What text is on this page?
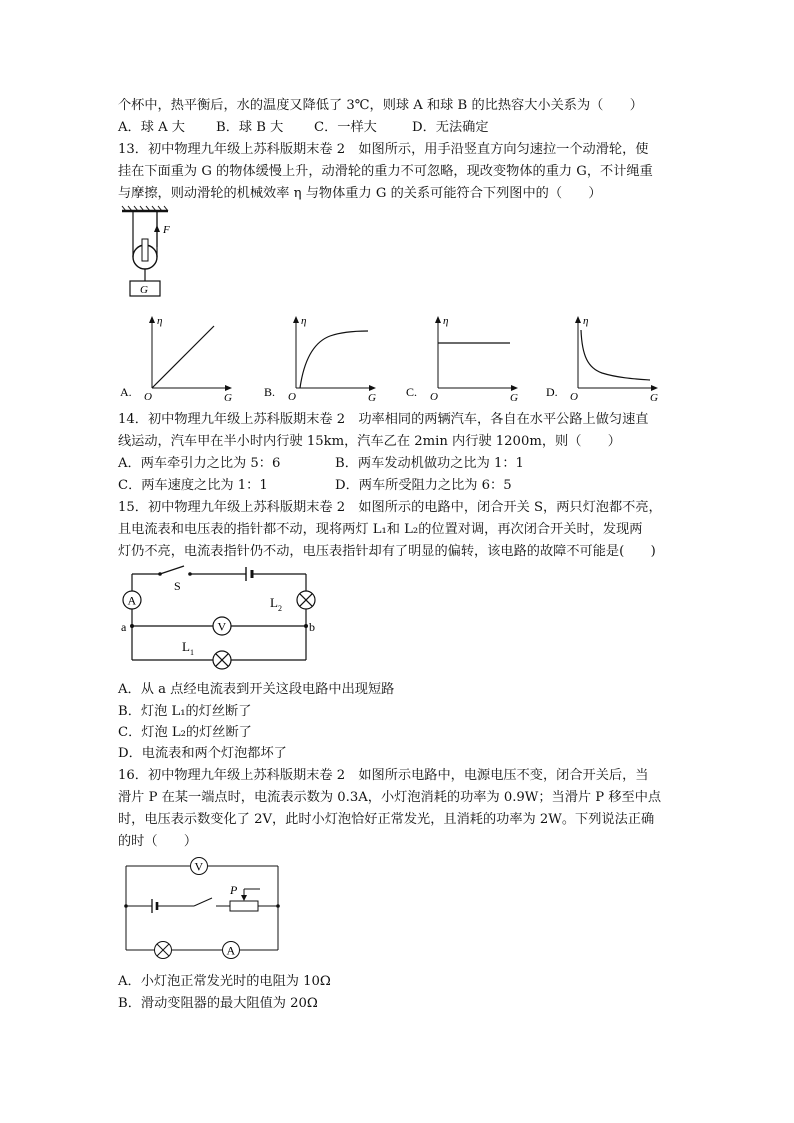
个杯中，热平衡后，水的温度又降低了 3℃，则球 A 和球 B 的比热容大小关系为（　　）
A．球 A 大 B．球 B 大 C．一样大	D．无法确定
13．初中物理九年级上苏科版期末卷 2　如图所示，用手沿竖直方向匀速拉一个动滑轮，使
挂在下面重为 G 的物体缓慢上升，动滑轮的重力不可忽略，现改变物体的重力 G，不计绳重
与摩擦，则动滑轮的机械效率 η 与物体重力 G 的关系可能符合下列图中的（　　）
F
G
A.
η
O	G	B.
η
O	G	C.
η
O	G D.
η
O	G
14．初中物理九年级上苏科版期末卷 2　功率相同的两辆汽车，各自在水平公路上做匀速直
线运动，汽车甲在半小时内行驶 15km，汽车乙在 2min 内行驶 1200m，则（　　）
A．两车牵引力之比为 5：6	B．两车发动机做功之比为 1：1
C．两车速度之比为 1：1	D．两车所受阻力之比为 6：5
15．初中物理九年级上苏科版期末卷 2　如图所示的电路中，闭合开关 S，两只灯泡都不亮，
且电流表和电压表的指针都不动，现将两灯 L₁和 L₂的位置对调，再次闭合开关时，发现两
灯仍不亮，电流表指针仍不动，电压表指针却有了明显的偏转，该电路的故障不可能是(　　)
S
A	$L_2$
V
a	b
$L_1$
A．从 a 点经电流表到开关这段电路中出现短路
B．灯泡 L₁的灯丝断了
C．灯泡 L₂的灯丝断了
D．电流表和两个灯泡都坏了
16．初中物理九年级上苏科版期末卷 2　如图所示电路中，电源电压不变，闭合开关后，当
滑片 P 在某一端点时，电流表示数为 0.3A，小灯泡消耗的功率为 0.9W；当滑片 P 移至中点
时，电压表示数变化了 2V，此时小灯泡恰好正常发光，且消耗的功率为 2W。下列说法正确
的时（　　）
P
V
A
A．小灯泡正常发光时的电阻为 10Ω
B．滑动变阻器的最大阻值为 20Ω
